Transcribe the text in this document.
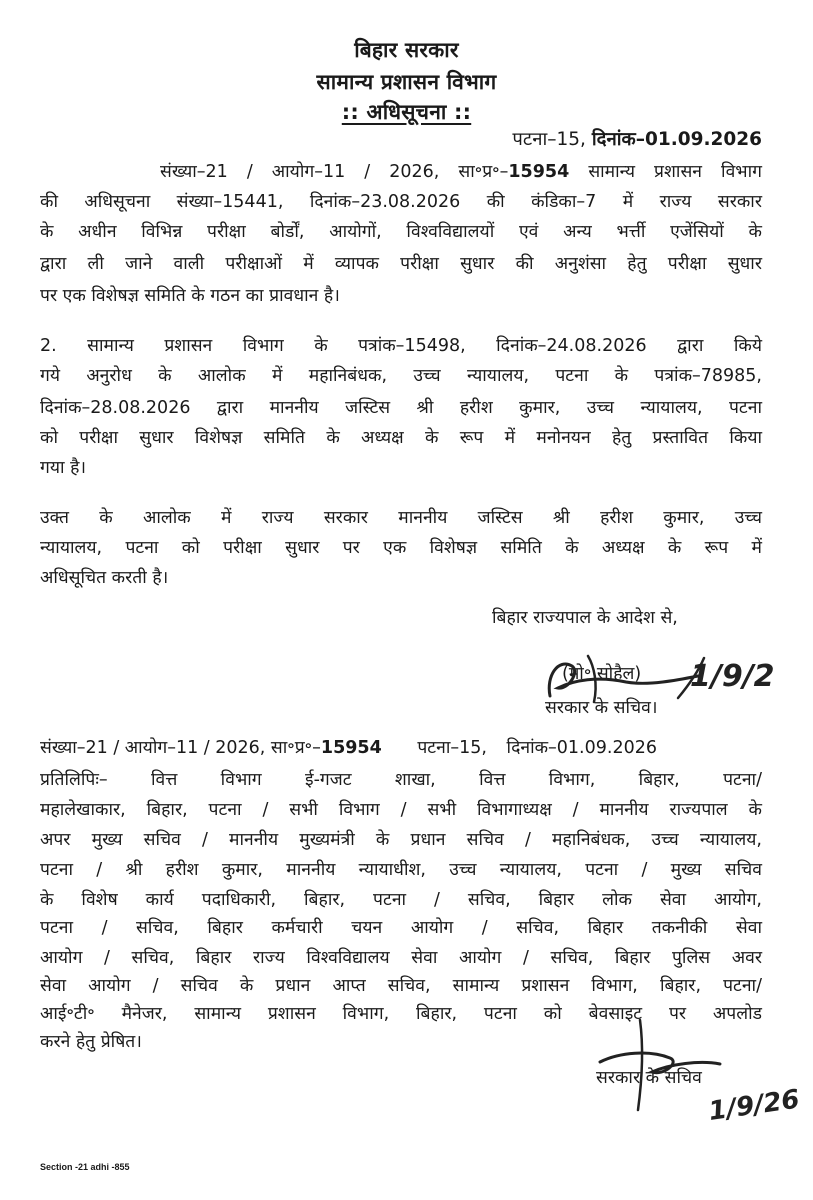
बिहार सरकार
सामान्य प्रशासन विभाग
:: अधिसूचना ::
पटना–15, दिनांक–01.09.2026
संख्या–21 / आयोग–11 / 2026, सा॰प्र॰–15954 सामान्य प्रशासन विभाग
की अधिसूचना संख्या–15441, दिनांक–23.08.2026 की कंडिका–7 में राज्य सरकार
के अधीन विभिन्न परीक्षा बोर्डों, आयोगों, विश्वविद्यालयों एवं अन्य भर्त्ती एजेंसियों के
द्वारा ली जाने वाली परीक्षाओं में व्यापक परीक्षा सुधार की अनुशंसा हेतु परीक्षा सुधार
पर एक विशेषज्ञ समिति के गठन का प्रावधान है।
2. सामान्य प्रशासन विभाग के पत्रांक–15498, दिनांक–24.08.2026 द्वारा किये
गये अनुरोध के आलोक में महानिबंधक, उच्च न्यायालय, पटना के पत्रांक–78985,
दिनांक–28.08.2026 द्वारा माननीय जस्टिस श्री हरीश कुमार, उच्च न्यायालय, पटना
को परीक्षा सुधार विशेषज्ञ समिति के अध्यक्ष के रूप में मनोनयन हेतु प्रस्तावित किया
गया है।
उक्त के आलोक में राज्य सरकार माननीय जस्टिस श्री हरीश कुमार, उच्च
न्यायालय, पटना को परीक्षा सुधार पर एक विशेषज्ञ समिति के अध्यक्ष के रूप में
अधिसूचित करती है।
बिहार राज्यपाल के आदेश से,
(मो॰ सोहैल) 1/9/2
सरकार के सचिव।
संख्या–21 / आयोग–11 / 2026, सा॰प्र॰–15954 पटना–15, दिनांक–01.09.2026
प्रतिलिपिः– वित्त विभाग ई-गजट शाखा, वित्त विभाग, बिहार, पटना/
महालेखाकार, बिहार, पटना / सभी विभाग / सभी विभागाध्यक्ष / माननीय राज्यपाल के
अपर मुख्य सचिव / माननीय मुख्यमंत्री के प्रधान सचिव / महानिबंधक, उच्च न्यायालय,
पटना / श्री हरीश कुमार, माननीय न्यायाधीश, उच्च न्यायालय, पटना / मुख्य सचिव
के विशेष कार्य पदाधिकारी, बिहार, पटना / सचिव, बिहार लोक सेवा आयोग,
पटना / सचिव, बिहार कर्मचारी चयन आयोग / सचिव, बिहार तकनीकी सेवा
आयोग / सचिव, बिहार राज्य विश्वविद्यालय सेवा आयोग / सचिव, बिहार पुलिस अवर
सेवा आयोग / सचिव के प्रधान आप्त सचिव, सामान्य प्रशासन विभाग, बिहार, पटना/
आई॰टी॰ मैनेजर, सामान्य प्रशासन विभाग, बिहार, पटना को बेवसाइट पर अपलोड
करने हेतु प्रेषित।
सरकार के सचिव
1/9/26
Section -21 adhi -855
